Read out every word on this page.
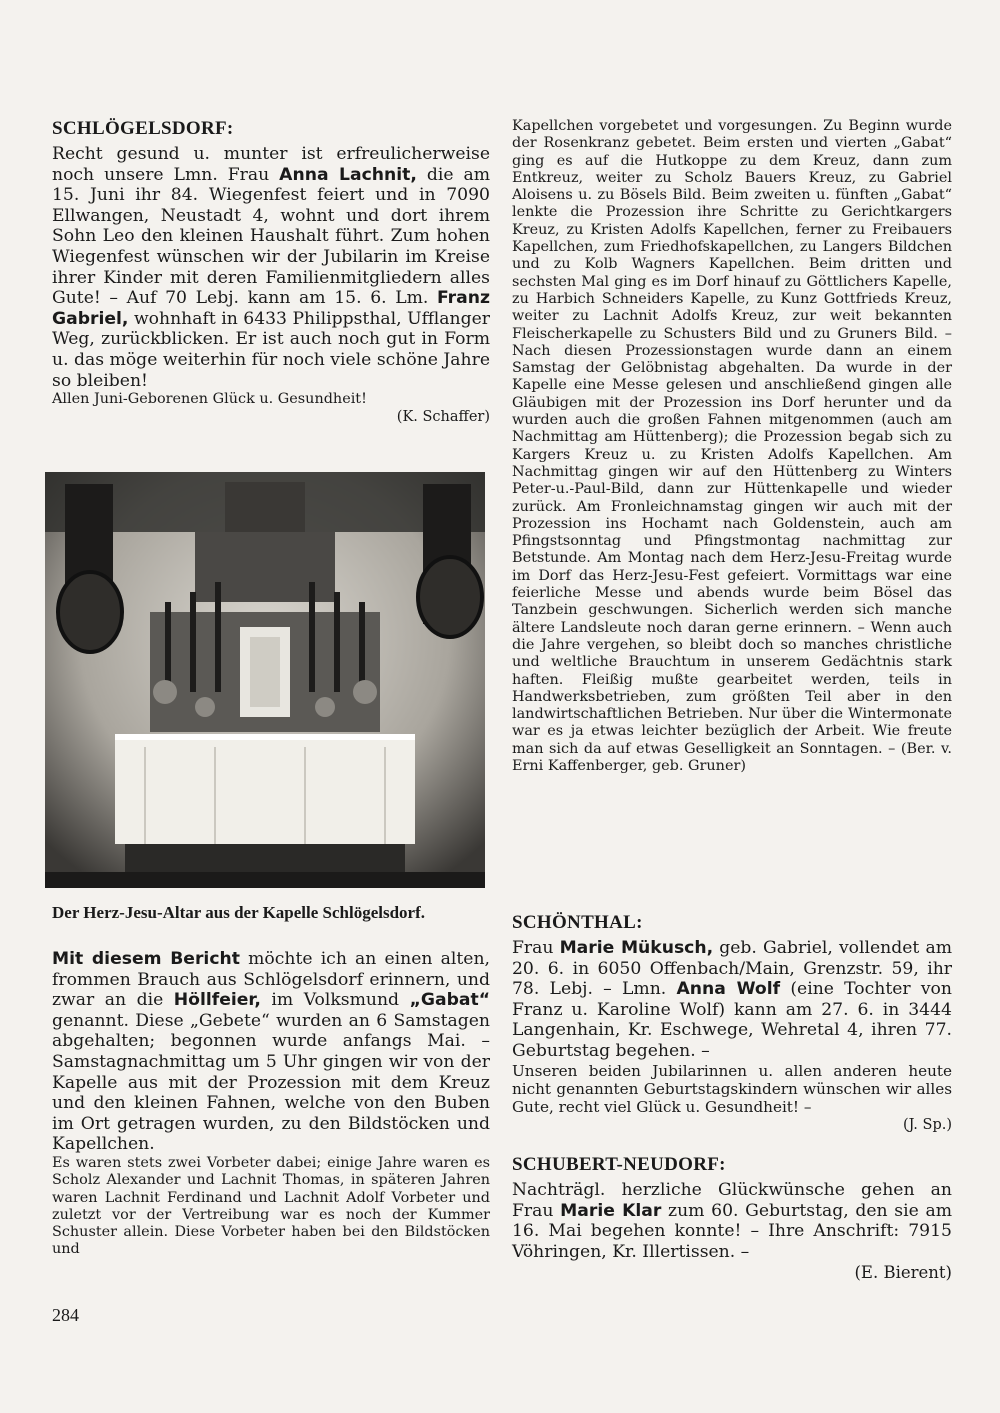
SCHLÖGELSDORF:

Recht gesund u. munter ist erfreulicherweise noch unsere Lmn. Frau Anna Lachnit, die am 15. Juni ihr 84. Wiegenfest feiert und in 7090 Ellwangen, Neustadt 4, wohnt und dort ihrem Sohn Leo den kleinen Haushalt führt. Zum hohen Wiegenfest wünschen wir der Jubilarin im Kreise ihrer Kinder mit deren Familienmitgliedern alles Gute! – Auf 70 Lebj. kann am 15. 6. Lm. Franz Gabriel, wohnhaft in 6433 Philippsthal, Ufflanger Weg, zurückblicken. Er ist auch noch gut in Form u. das möge weiterhin für noch viele schöne Jahre so bleiben!

Allen Juni-Geborenen Glück u. Gesundheit!

(K. Schaffer)

Der Herz-Jesu-Altar aus der Kapelle Schlögelsdorf.

Mit diesem Bericht möchte ich an einen alten, frommen Brauch aus Schlögelsdorf erinnern, und zwar an die Höllfeier, im Volksmund „Gabat“ genannt. Diese „Gebete“ wurden an 6 Samstagen abgehalten; begonnen wurde anfangs Mai. – Samstagnachmittag um 5 Uhr gingen wir von der Kapelle aus mit der Prozession mit dem Kreuz und den kleinen Fahnen, welche von den Buben im Ort getragen wurden, zu den Bildstöcken und Kapellchen.

Es waren stets zwei Vorbeter dabei; einige Jahre waren es Scholz Alexander und Lachnit Thomas, in späteren Jahren waren Lachnit Ferdinand und Lachnit Adolf Vorbeter und zuletzt vor der Vertreibung war es noch der Kummer Schuster allein. Diese Vorbeter haben bei den Bildstöcken und

284

Kapellchen vorgebetet und vorgesungen. Zu Beginn wurde der Rosenkranz gebetet. Beim ersten und vierten „Gabat“ ging es auf die Hutkoppe zu dem Kreuz, dann zum Entkreuz, weiter zu Scholz Bauers Kreuz, zu Gabriel Aloisens u. zu Bösels Bild. Beim zweiten u. fünften „Gabat“ lenkte die Prozession ihre Schritte zu Gerichtkargers Kreuz, zu Kristen Adolfs Kapellchen, ferner zu Freibauers Kapellchen, zum Friedhofskapellchen, zu Langers Bildchen und zu Kolb Wagners Kapellchen. Beim dritten und sechsten Mal ging es im Dorf hinauf zu Göttlichers Kapelle, zu Harbich Schneiders Kapelle, zu Kunz Gottfrieds Kreuz, weiter zu Lachnit Adolfs Kreuz, zur weit bekannten Fleischerkapelle zu Schusters Bild und zu Gruners Bild. – Nach diesen Prozessionstagen wurde dann an einem Samstag der Gelöbnistag abgehalten. Da wurde in der Kapelle eine Messe gelesen und anschließend gingen alle Gläubigen mit der Prozession ins Dorf herunter und da wurden auch die großen Fahnen mitgenommen (auch am Nachmittag am Hüttenberg); die Prozession begab sich zu Kargers Kreuz u. zu Kristen Adolfs Kapellchen. Am Nachmittag gingen wir auf den Hüttenberg zu Winters Peter-u.-Paul-Bild, dann zur Hüttenkapelle und wieder zurück. Am Fronleichnamstag gingen wir auch mit der Prozession ins Hochamt nach Goldenstein, auch am Pfingstsonntag und Pfingstmontag nachmittag zur Betstunde. Am Montag nach dem Herz-Jesu-Freitag wurde im Dorf das Herz-Jesu-Fest gefeiert. Vormittags war eine feierliche Messe und abends wurde beim Bösel das Tanzbein geschwungen. Sicherlich werden sich manche ältere Landsleute noch daran gerne erinnern. – Wenn auch die Jahre vergehen, so bleibt doch so manches christliche und weltliche Brauchtum in unserem Gedächtnis stark haften. Fleißig mußte gearbeitet werden, teils in Handwerksbetrieben, zum größten Teil aber in den landwirtschaftlichen Betrieben. Nur über die Wintermonate war es ja etwas leichter bezüglich der Arbeit. Wie freute man sich da auf etwas Geselligkeit an Sonntagen. – (Ber. v. Erni Kaffenberger, geb. Gruner)

SCHÖNTHAL:

Frau Marie Mükusch, geb. Gabriel, vollendet am 20. 6. in 6050 Offenbach/Main, Grenzstr. 59, ihr 78. Lebj. – Lmn. Anna Wolf (eine Tochter von Franz u. Karoline Wolf) kann am 27. 6. in 3444 Langenhain, Kr. Eschwege, Wehretal 4, ihren 77. Geburtstag begehen. –

Unseren beiden Jubilarinnen u. allen anderen heute nicht genannten Geburtstagskindern wünschen wir alles Gute, recht viel Glück u. Gesundheit! –

(J. Sp.)

SCHUBERT-NEUDORF:

Nachträgl. herzliche Glückwünsche gehen an Frau Marie Klar zum 60. Geburtstag, den sie am 16. Mai begehen konnte! – Ihre Anschrift: 7915 Vöhringen, Kr. Illertissen. –

(E. Bierent)
